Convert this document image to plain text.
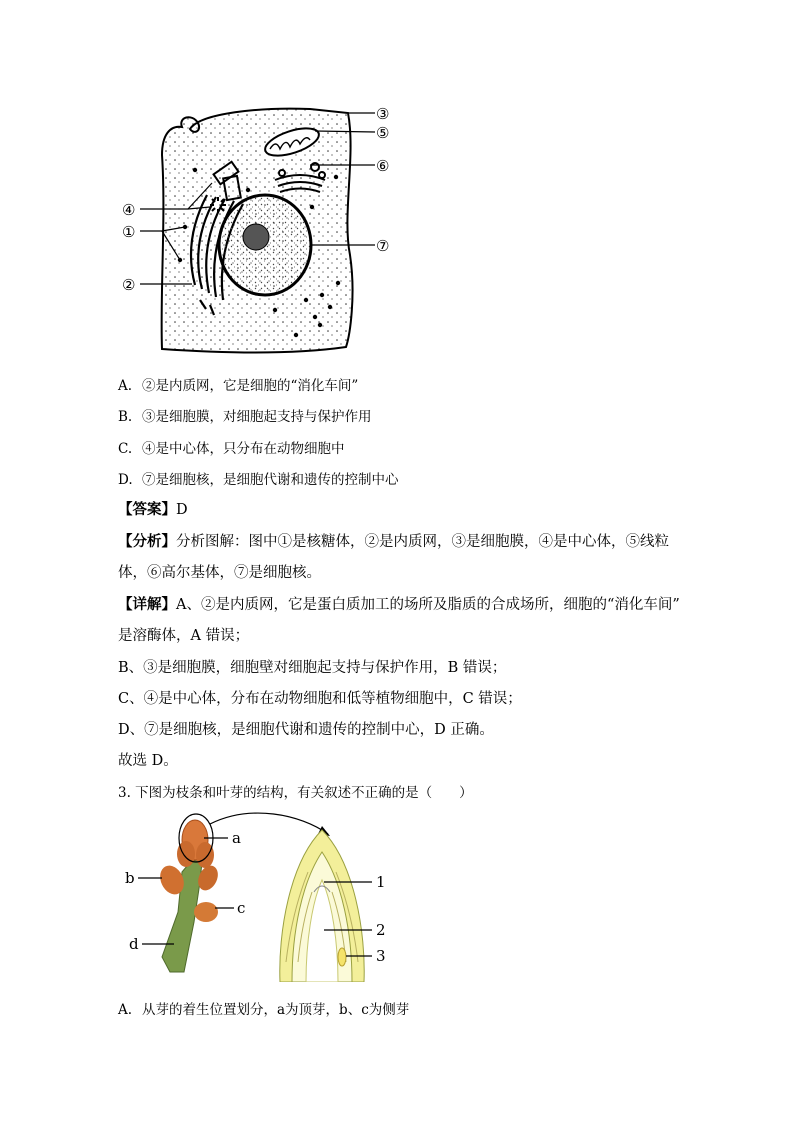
③
⑤
⑥
④
①
⑦
②
A. ②是内质网，它是细胞的“消化车间”
B. ③是细胞膜，对细胞起支持与保护作用
C. ④是中心体，只分布在动物细胞中
D. ⑦是细胞核，是细胞代谢和遗传的控制中心
【答案】D
【分析】分析图解：图中①是核糖体，②是内质网，③是细胞膜，④是中心体，⑤线粒
体，⑥高尔基体，⑦是细胞核。
【详解】A、②是内质网，它是蛋白质加工的场所及脂质的合成场所，细胞的“消化车间”
是溶酶体，A 错误；
B、③是细胞膜，细胞壁对细胞起支持与保护作用，B 错误；
C、④是中心体，分布在动物细胞和低等植物细胞中，C 错误；
D、⑦是细胞核，是细胞代谢和遗传的控制中心，D 正确。
故选 D。
3. 下图为枝条和叶芽的结构，有关叙述不正确的是（　　）
a
b
c
d
1
2
3
A. 从芽的着生位置划分，a为顶芽，b、c为侧芽
